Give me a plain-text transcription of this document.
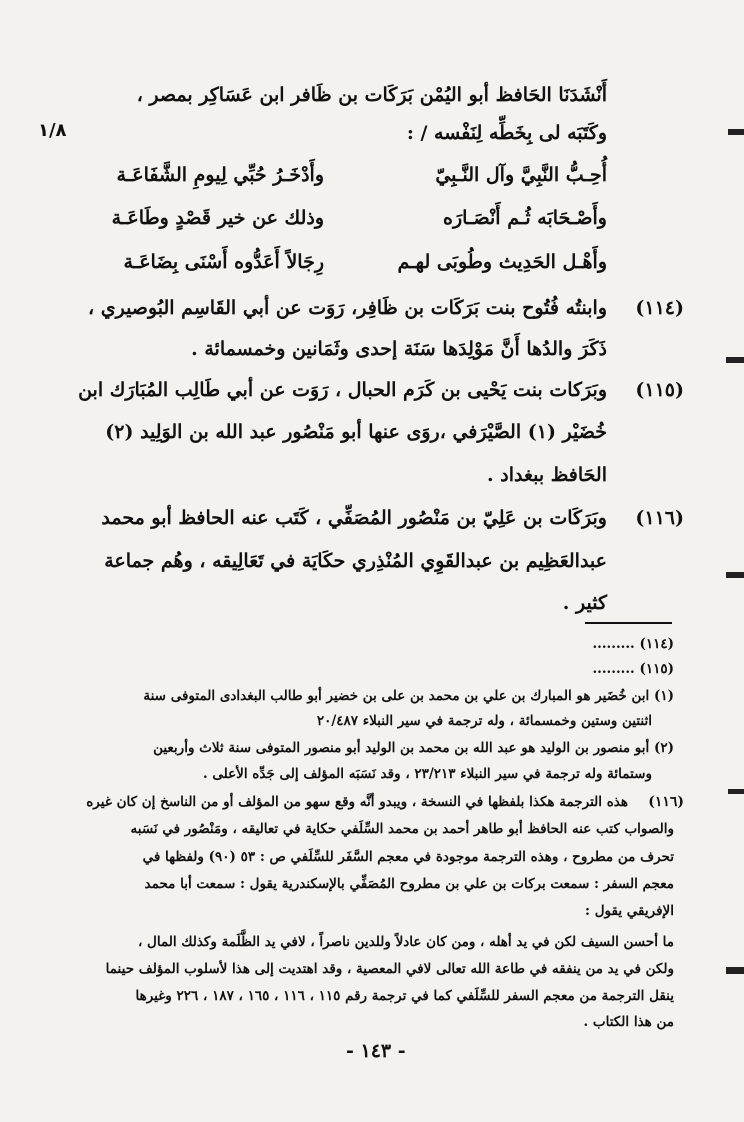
١/٨
أَنْشَدَنَا الحَافظ أبو اليُمْن بَرَكَات بن ظَافر ابن عَسَاكِر بمصر ،
وكَتَبَه لى بِخَطِّه لِنَفْسه / :
أُحِـبُّ النَّبِيَّ وآل النَّـبِيّ
وأَدْخَـرُ حُبِّي لِيومِ الشَّفَاعَـة
وأَصْـحَابَه ثُـم أَنْصَـارَه
وذلك عن خير قَصْدٍ وطَاعَـة
وأَهْـل الحَدِيث وطُوبَى لهـم
رِجَالاً أَعَدُّوه أَسْنَى بِضَاعَـة
(١١٤)
وابنتُه فُتُوح بنت بَرَكَات بن ظَافِر، رَوَت عن أبي القَاسِم البُوصيري ،
ذَكَرَ والدُها أَنَّ مَوْلِدَها سَنَة إحدى وثَمَانين وخمسمائة .
(١١٥)
وبَرَكات بنت يَحْيى بن كَرَم الحبال ، رَوَت عن أبي طَالِب المُبَارَك ابن
خُضَيْر (١) الصَّيْرَفي ،روَى عنها أبو مَنْصُور عبد الله بن الوَلِيد (٢)
الحَافظ ببغداد .
(١١٦)
وبَرَكَات بن عَلِيّ بن مَنْصُور المُصَفِّي ، كَتَب عنه الحافظ أبو محمد
عبدالعَظِيم بن عبدالقَوِي المُنْذِري حكَايَة في تَعَالِيقه ، وهُم جماعة
كثير .
(١١٤) .........
(١١٥) .........
(١) ابن خُضَير هو المبارك بن علي بن محمد بن على بن خضير أبو طالب البغدادى المتوفى سنة
اثنتين وستين وخمسمائة ، وله ترجمة في سير النبلاء ٢٠/٤٨٧
(٢) أبو منصور بن الوليد هو عبد الله بن محمد بن الوليد أبو منصور المتوفى سنة ثلاث وأربعين
وستمائة وله ترجمة في سير النبلاء ٢٣/٢١٣ ، وقد نَسَبَه المؤلف إلى جَدِّه الأعلى .
(١١٦)
هذه الترجمة هكذا بلفظها في النسخة ، ويبدو أنَّه وقع سهو من المؤلف أو من الناسخ إن كان غيره
والصواب كتب عنه الحافظ أبو طاهر أحمد بن محمد السِّلَفي حكاية في تعاليقه ، ومَنْصُور في نَسَبه
تحرف من مطروح ، وهذه الترجمة موجودة في معجم السَّفَر للسِّلَفي ص : ٥٣ (٩٠) ولفظها في
معجم السفر : سمعت بركات بن علي بن مطروح المُصَفِّي بالإسكندرية يقول : سمعت أبا محمد
الإفريقي يقول :
ما أحسن السيف لكن في يد أهله ، ومن كان عادلاً وللدين ناصراً ، لافي يد الظَّلَمة وكذلك المال ،
ولكن في يد من ينفقه في طاعة الله تعالى لافي المعصية ، وقد اهتديت إلى هذا لأسلوب المؤلف حينما
ينقل الترجمة من معجم السفر للسِّلَفي كما في ترجمة رقم ١١٥ ، ١١٦ ، ١٦٥ ، ١٨٧ ، ٢٢٦ وغيرها
من هذا الكتاب .
- ١٤٣ -
